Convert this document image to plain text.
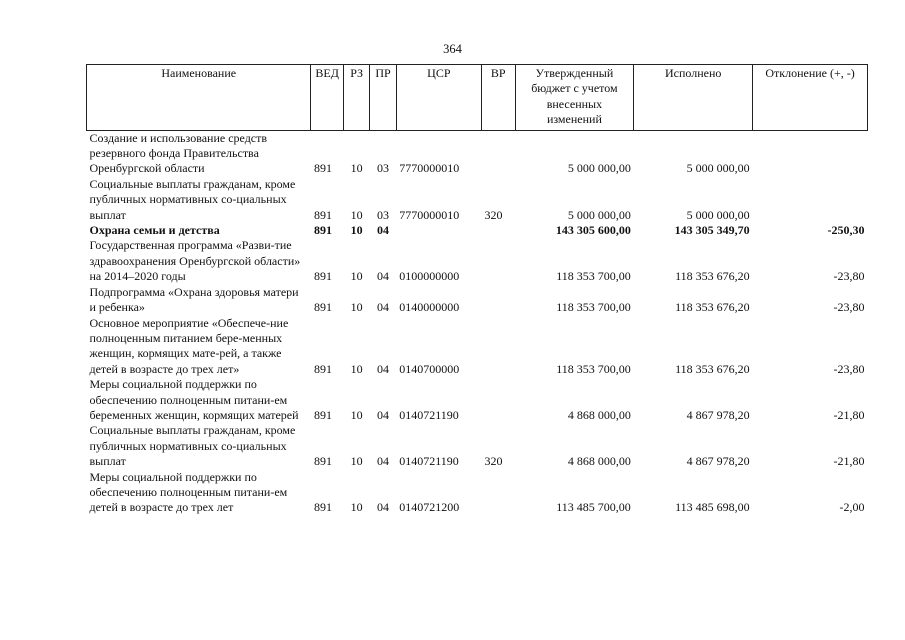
364
Наименование	ВЕД	РЗ	ПР	ЦСР	ВР	Утвержденный бюджет с учетом внесенных изменений	Исполнено	Отклонение (+, -)
Создание и использование средств резервного фонда Правительства Оренбургской области	891	10	03	7770000010		5 000 000,00	5 000 000,00	
Социальные выплаты гражданам, кроме публичных нормативных со-циальных выплат	891	10	03	7770000010	320	5 000 000,00	5 000 000,00	
Охрана семьи и детства	891	10	04			143 305 600,00	143 305 349,70	-250,30
Государственная программа «Разви-тие здравоохранения Оренбургской области» на 2014–2020 годы	891	10	04	0100000000		118 353 700,00	118 353 676,20	-23,80
Подпрограмма «Охрана здоровья матери и ребенка»	891	10	04	0140000000		118 353 700,00	118 353 676,20	-23,80
Основное мероприятие «Обеспече-ние полноценным питанием бере-менных женщин, кормящих мате-рей, а также детей в возрасте до трех лет»	891	10	04	0140700000		118 353 700,00	118 353 676,20	-23,80
Меры социальной поддержки по обеспечению полноценным питани-ем беременных женщин, кормящих матерей	891	10	04	0140721190		4 868 000,00	4 867 978,20	-21,80
Социальные выплаты гражданам, кроме публичных нормативных со-циальных выплат	891	10	04	0140721190	320	4 868 000,00	4 867 978,20	-21,80
Меры социальной поддержки по обеспечению полноценным питани-ем детей в возрасте до трех лет	891	10	04	0140721200		113 485 700,00	113 485 698,00	-2,00
